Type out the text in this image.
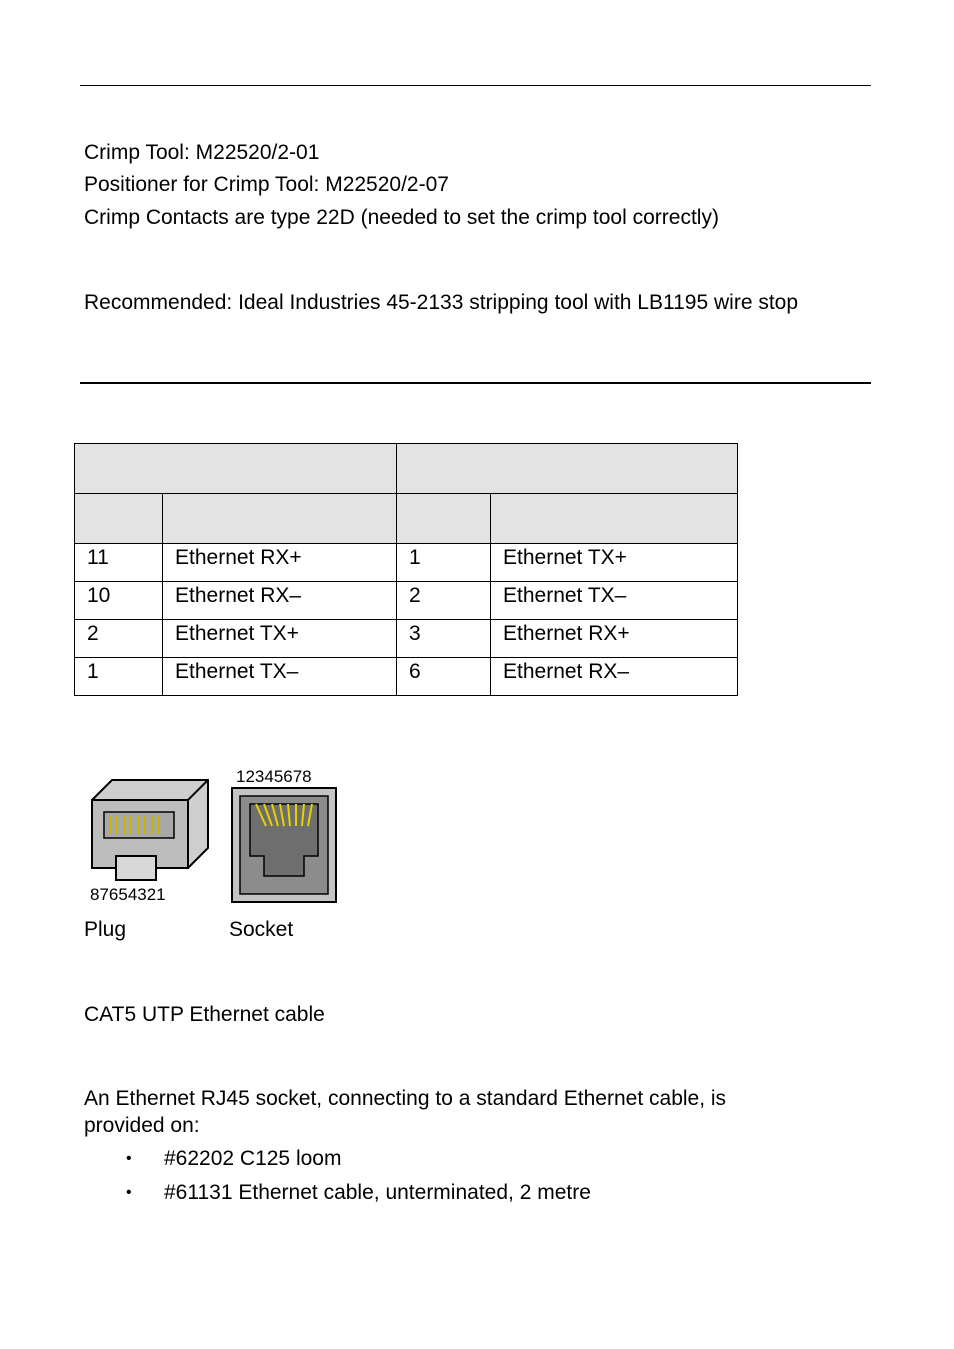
Crimp Tool: M22520/2-01
Positioner for Crimp Tool: M22520/2-07
Crimp Contacts are type 22D (needed to set the crimp tool correctly)
Recommended: Ideal Industries 45-2133 stripping tool with LB1195 wire stop

11	Ethernet RX+	1	Ethernet TX+
10	Ethernet RX–	2	Ethernet TX–
2	Ethernet TX+	3	Ethernet RX+
1	Ethernet TX–	6	Ethernet RX–
87654321
12345678
Plug	Socket
CAT5 UTP Ethernet cable
An Ethernet RJ45 socket, connecting to a standard Ethernet cable, is
provided on:
• #62202 C125 loom
• #61131 Ethernet cable, unterminated, 2 metre
